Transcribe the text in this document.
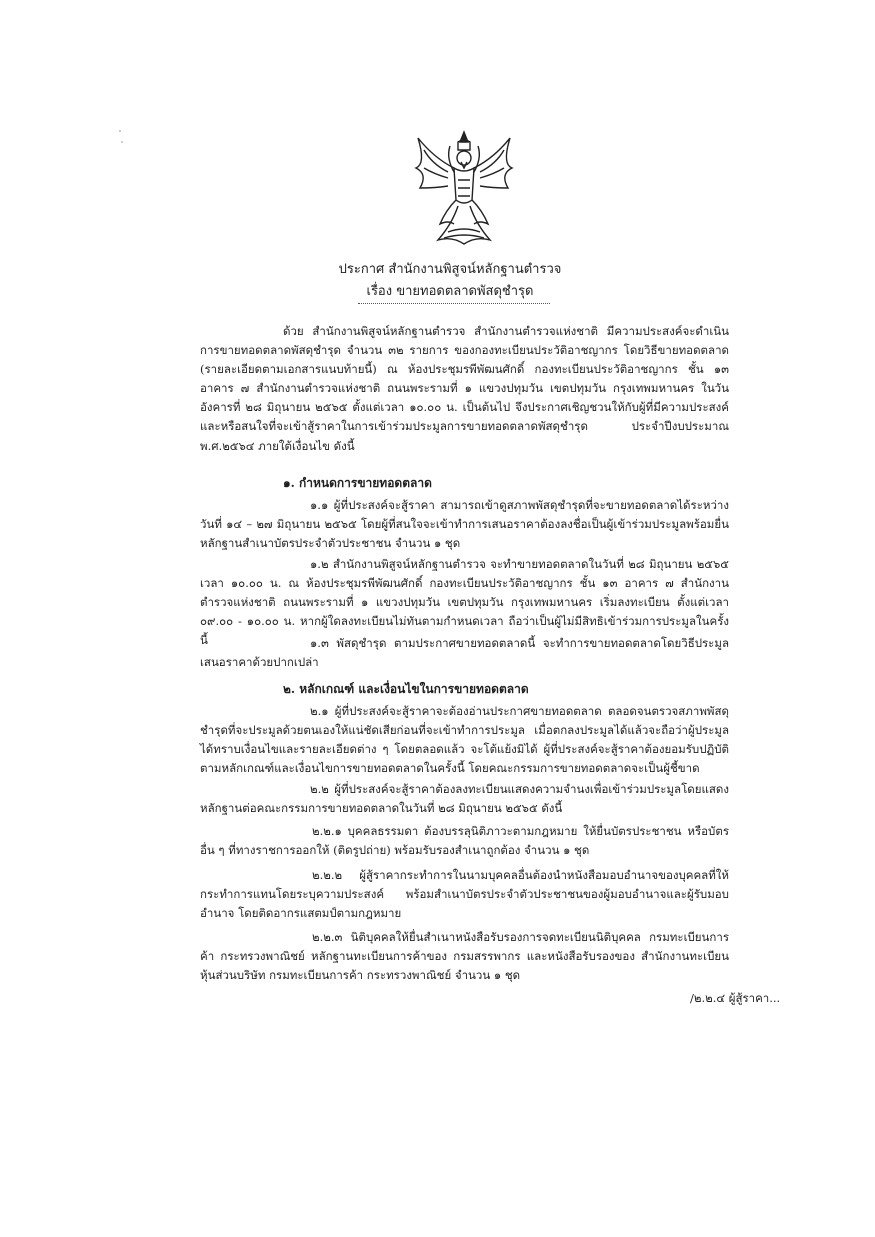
ประกาศ สำนักงานพิสูจน์หลักฐานตำรวจ
เรื่อง ขายทอดตลาดพัสดุชำรุด
ด้วย สำนักงานพิสูจน์หลักฐานตำรวจ สำนักงานตำรวจแห่งชาติ มีความประสงค์จะดำเนินการขายทอดตลาดพัสดุชำรุด จำนวน ๓๒ รายการ ของกองทะเบียนประวัติอาชญากร โดยวิธีขายทอดตลาด (รายละเอียดตามเอกสารแนบท้ายนี้) ณ ห้องประชุมรพีพัฒนศักดิ์ กองทะเบียนประวัติอาชญากร ชั้น ๑๓ อาคาร ๗ สำนักงานตำรวจแห่งชาติ ถนนพระรามที่ ๑ แขวงปทุมวัน เขตปทุมวัน กรุงเทพมหานคร ในวันอังคารที่ ๒๘ มิถุนายน ๒๕๖๕ ตั้งแต่เวลา ๑๐.๐๐ น. เป็นต้นไป จึงประกาศเชิญชวนให้กับผู้ที่มีความประสงค์และหรือสนใจที่จะเข้าสู้ราคาในการเข้าร่วมประมูลการขายทอดตลาดพัสดุชำรุด ประจำปีงบประมาณ พ.ศ.๒๕๖๔ ภายใต้เงื่อนไข ดังนี้
๑. กำหนดการขายทอดตลาด
๑.๑ ผู้ที่ประสงค์จะสู้ราคา สามารถเข้าดูสภาพพัสดุชำรุดที่จะขายทอดตลาดได้ระหว่างวันที่ ๑๔ – ๒๗ มิถุนายน ๒๕๖๕ โดยผู้ที่สนใจจะเข้าทำการเสนอราคาต้องลงชื่อเป็นผู้เข้าร่วมประมูลพร้อมยื่นหลักฐานสำเนาบัตรประจำตัวประชาชน จำนวน ๑ ชุด
๑.๒ สำนักงานพิสูจน์หลักฐานตำรวจ จะทำขายทอดตลาดในวันที่ ๒๘ มิถุนายน ๒๕๖๕ เวลา ๑๐.๐๐ น. ณ ห้องประชุมรพีพัฒนศักดิ์ กองทะเบียนประวัติอาชญากร ชั้น ๑๓ อาคาร ๗ สำนักงานตำรวจแห่งชาติ ถนนพระรามที่ ๑ แขวงปทุมวัน เขตปทุมวัน กรุงเทพมหานคร เริ่มลงทะเบียน ตั้งแต่เวลา ๐๙.๐๐ - ๑๐.๐๐ น. หากผู้ใดลงทะเบียนไม่ทันตามกำหนดเวลา ถือว่าเป็นผู้ไม่มีสิทธิเข้าร่วมการประมูลในครั้งนี้	๑.๓ พัสดุชำรุด ตามประกาศขายทอดตลาดนี้ จะทำการขายทอดตลาดโดยวิธีประมูลเสนอราคาด้วยปากเปล่า
๒. หลักเกณฑ์ และเงื่อนไขในการขายทอดตลาด
๒.๑ ผู้ที่ประสงค์จะสู้ราคาจะต้องอ่านประกาศขายทอดตลาด ตลอดจนตรวจสภาพพัสดุชำรุดที่จะประมูลด้วยตนเองให้แน่ชัดเสียก่อนที่จะเข้าทำการประมูล เมื่อตกลงประมูลได้แล้วจะถือว่าผู้ประมูลได้ทราบเงื่อนไขและรายละเอียดต่าง ๆ โดยตลอดแล้ว จะโต้แย้งมิได้ ผู้ที่ประสงค์จะสู้ราคาต้องยอมรับปฏิบัติตามหลักเกณฑ์และเงื่อนไขการขายทอดตลาดในครั้งนี้ โดยคณะกรรมการขายทอดตลาดจะเป็นผู้ชี้ขาด
๒.๒ ผู้ที่ประสงค์จะสู้ราคาต้องลงทะเบียนแสดงความจำนงเพื่อเข้าร่วมประมูลโดยแสดงหลักฐานต่อคณะกรรมการขายทอดตลาดในวันที่ ๒๘ มิถุนายน ๒๕๖๕ ดังนี้
๒.๒.๑ บุคคลธรรมดา ต้องบรรลุนิติภาวะตามกฎหมาย ให้ยื่นบัตรประชาชน หรือบัตรอื่น ๆ ที่ทางราชการออกให้ (ติดรูปถ่าย) พร้อมรับรองสำเนาถูกต้อง จำนวน ๑ ชุด
๒.๒.๒ ผู้สู้ราคากระทำการในนามบุคคลอื่นต้องนำหนังสือมอบอำนาจของบุคคลที่ให้กระทำการแทนโดยระบุความประสงค์ พร้อมสำเนาบัตรประจำตัวประชาชนของผู้มอบอำนาจและผู้รับมอบอำนาจ โดยติดอากรแสตมป์ตามกฎหมาย
๒.๒.๓ นิติบุคคลให้ยื่นสำเนาหนังสือรับรองการจดทะเบียนนิติบุคคล กรมทะเบียนการค้า กระทรวงพาณิชย์ หลักฐานทะเบียนการค้าของ กรมสรรพากร และหนังสือรับรองของ สำนักงานทะเบียนหุ้นส่วนบริษัท กรมทะเบียนการค้า กระทรวงพาณิชย์ จำนวน ๑ ชุด
/๒.๒.๔ ผู้สู้ราคา...
